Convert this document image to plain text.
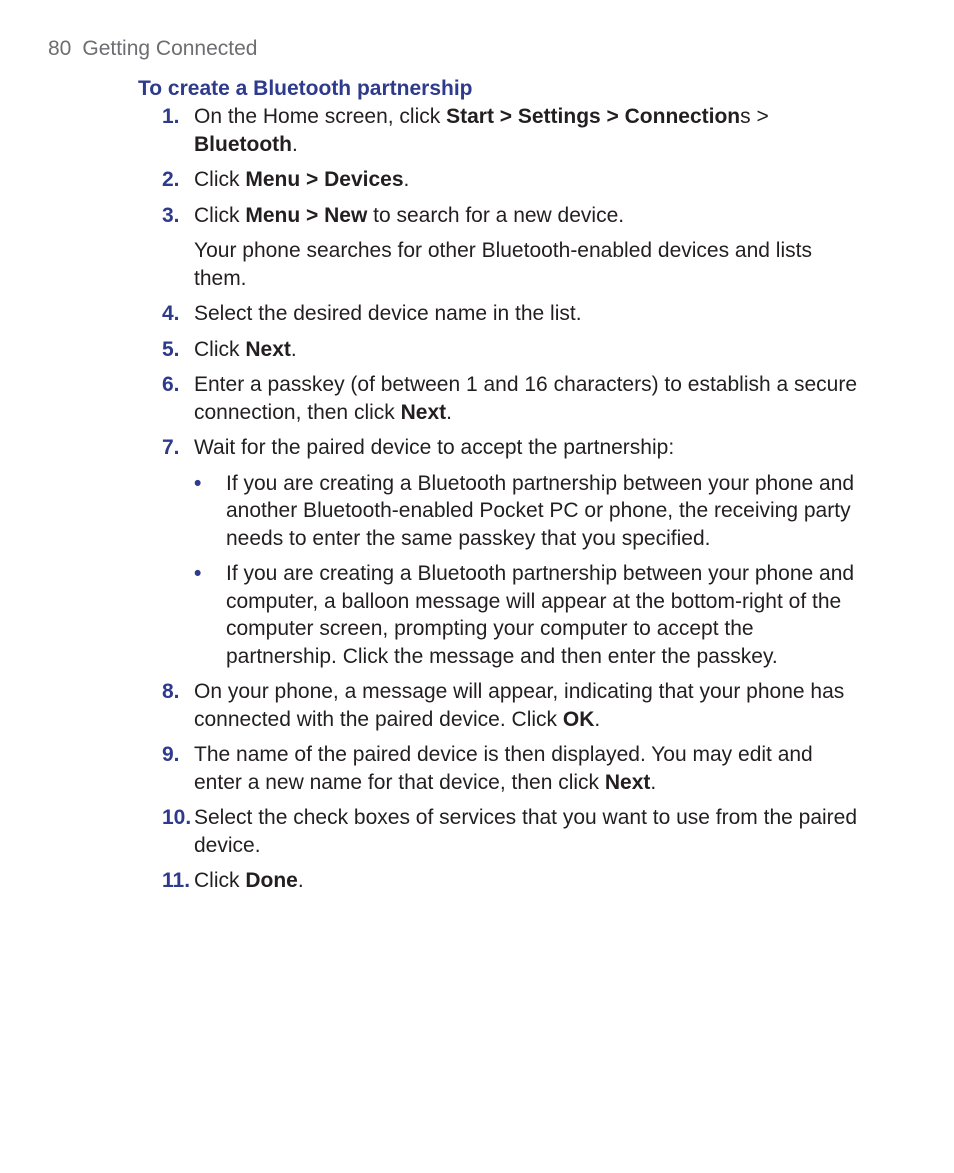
80 Getting Connected
To create a Bluetooth partnership
1. On the Home screen, click Start > Settings > Connections > Bluetooth.

2. Click Menu > Devices.

3. Click Menu > New to search for a new device.

Your phone searches for other Bluetooth-enabled devices and lists them.

4. Select the desired device name in the list.

5. Click Next.

6. Enter a passkey (of between 1 and 16 characters) to establish a secure connection, then click Next.

7. Wait for the paired device to accept the partnership:

• If you are creating a Bluetooth partnership between your phone and another Bluetooth-enabled Pocket PC or phone, the receiving party needs to enter the same passkey that you specified.
• If you are creating a Bluetooth partnership between your phone and computer, a balloon message will appear at the bottom-right of the computer screen, prompting your computer to accept the partnership. Click the message and then enter the passkey.
8. On your phone, a message will appear, indicating that your phone has connected with the paired device. Click OK.

9. The name of the paired device is then displayed. You may edit and enter a new name for that device, then click Next.

10. Select the check boxes of services that you want to use from the paired device.

11. Click Done.
